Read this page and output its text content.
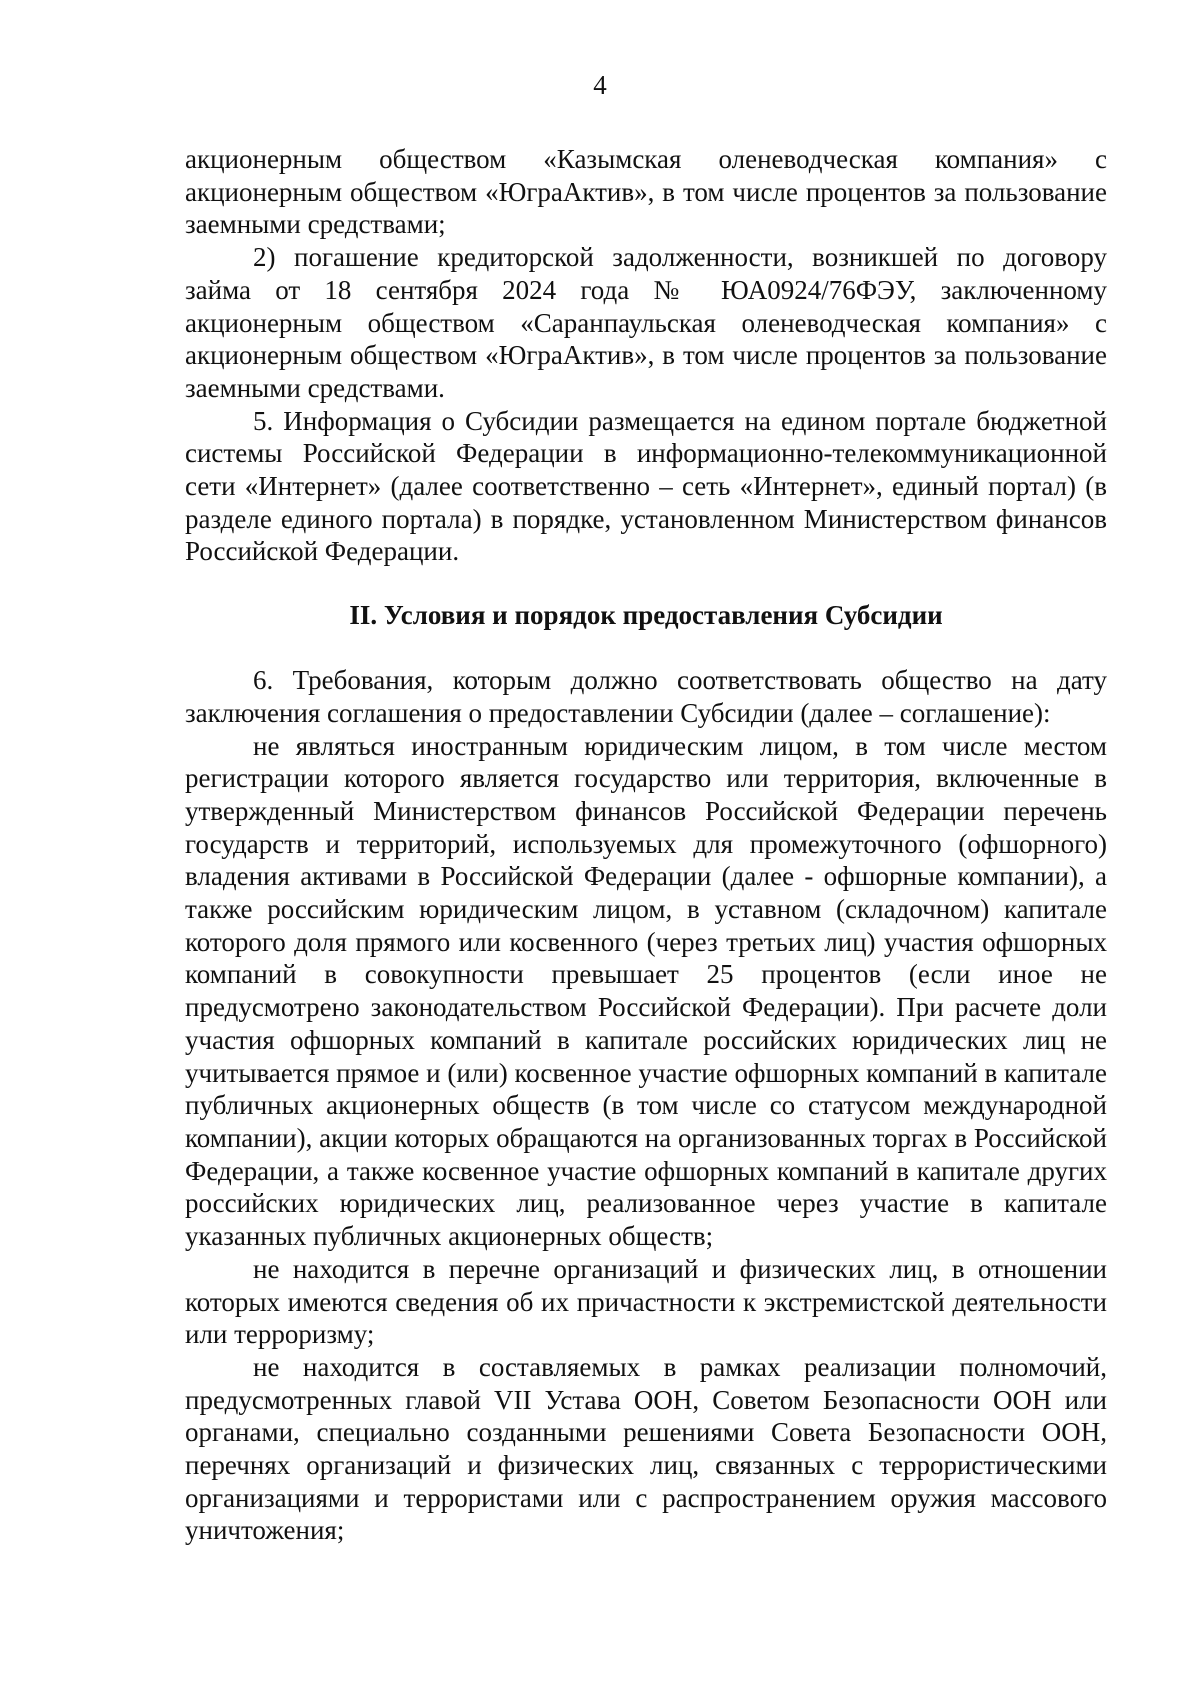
4

акционерным обществом «Казымская оленеводческая компания» с акционерным обществом «ЮграАктив», в том числе процентов за пользование заемными средствами;

2) погашение кредиторской задолженности, возникшей по договору займа от 18 сентября 2024 года № ЮА0924/76ФЭУ, заключенному акционерным обществом «Саранпаульская оленеводческая компания» с акционерным обществом «ЮграАктив», в том числе процентов за пользование заемными средствами.

5. Информация о Субсидии размещается на едином портале бюджетной системы Российской Федерации в информационно-телекоммуникационной сети «Интернет» (далее соответственно – сеть «Интернет», единый портал) (в разделе единого портала) в порядке, установленном Министерством финансов Российской Федерации.

II. Условия и порядок предоставления Субсидии

6. Требования, которым должно соответствовать общество на дату заключения соглашения о предоставлении Субсидии (далее – соглашение):

не являться иностранным юридическим лицом, в том числе местом регистрации которого является государство или территория, включенные в утвержденный Министерством финансов Российской Федерации перечень государств и территорий, используемых для промежуточного (офшорного) владения активами в Российской Федерации (далее - офшорные компании), а также российским юридическим лицом, в уставном (складочном) капитале которого доля прямого или косвенного (через третьих лиц) участия офшорных компаний в совокупности превышает 25 процентов (если иное не предусмотрено законодательством Российской Федерации). При расчете доли участия офшорных компаний в капитале российских юридических лиц не учитывается прямое и (или) косвенное участие офшорных компаний в капитале публичных акционерных обществ (в том числе со статусом международной компании), акции которых обращаются на организованных торгах в Российской Федерации, а также косвенное участие офшорных компаний в капитале других российских юридических лиц, реализованное через участие в капитале указанных публичных акционерных обществ;

не находится в перечне организаций и физических лиц, в отношении которых имеются сведения об их причастности к экстремистской деятельности или терроризму;

не находится в составляемых в рамках реализации полномочий, предусмотренных главой VII Устава ООН, Советом Безопасности ООН или органами, специально созданными решениями Совета Безопасности ООН, перечнях организаций и физических лиц, связанных с террористическими организациями и террористами или с распространением оружия массового уничтожения;
